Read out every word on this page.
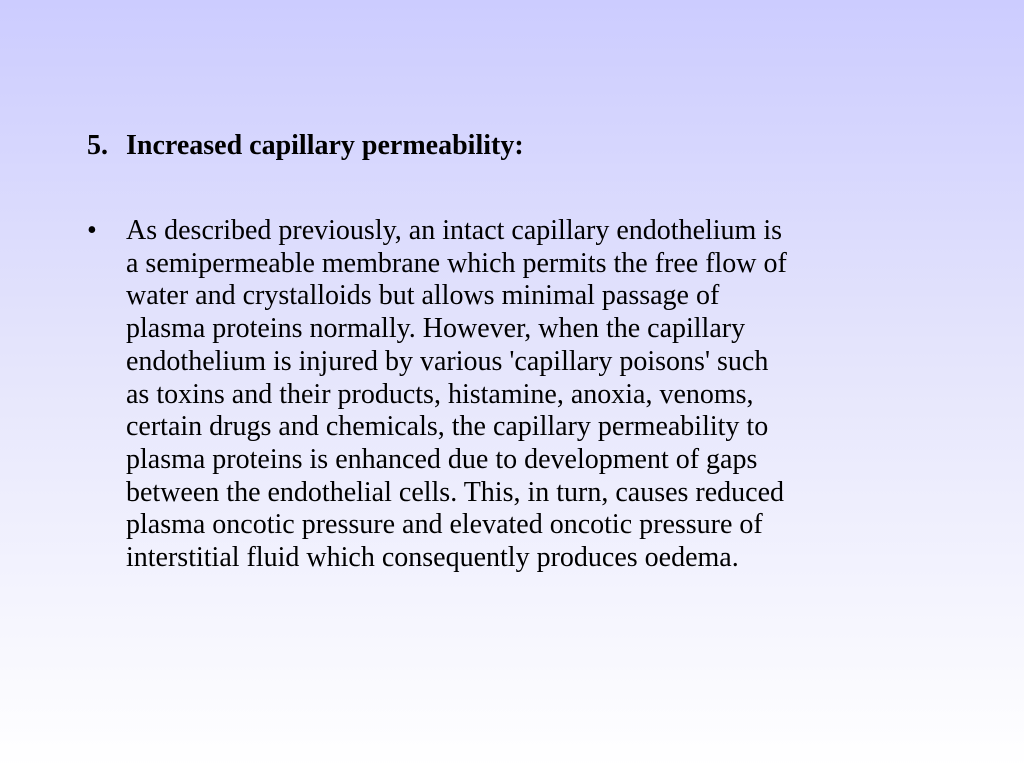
5. Increased capillary permeability:
•	As described previously, an intact capillary endothelium is
a semipermeable membrane which permits the free flow of
water and crystalloids but allows minimal passage of
plasma proteins normally. However, when the capillary
endothelium is injured by various 'capillary poisons' such
as toxins and their products, histamine, anoxia, venoms,
certain drugs and chemicals, the capillary permeability to
plasma proteins is enhanced due to development of gaps
between the endothelial cells. This, in turn, causes reduced
plasma oncotic pressure and elevated oncotic pressure of
interstitial fluid which consequently produces oedema.
